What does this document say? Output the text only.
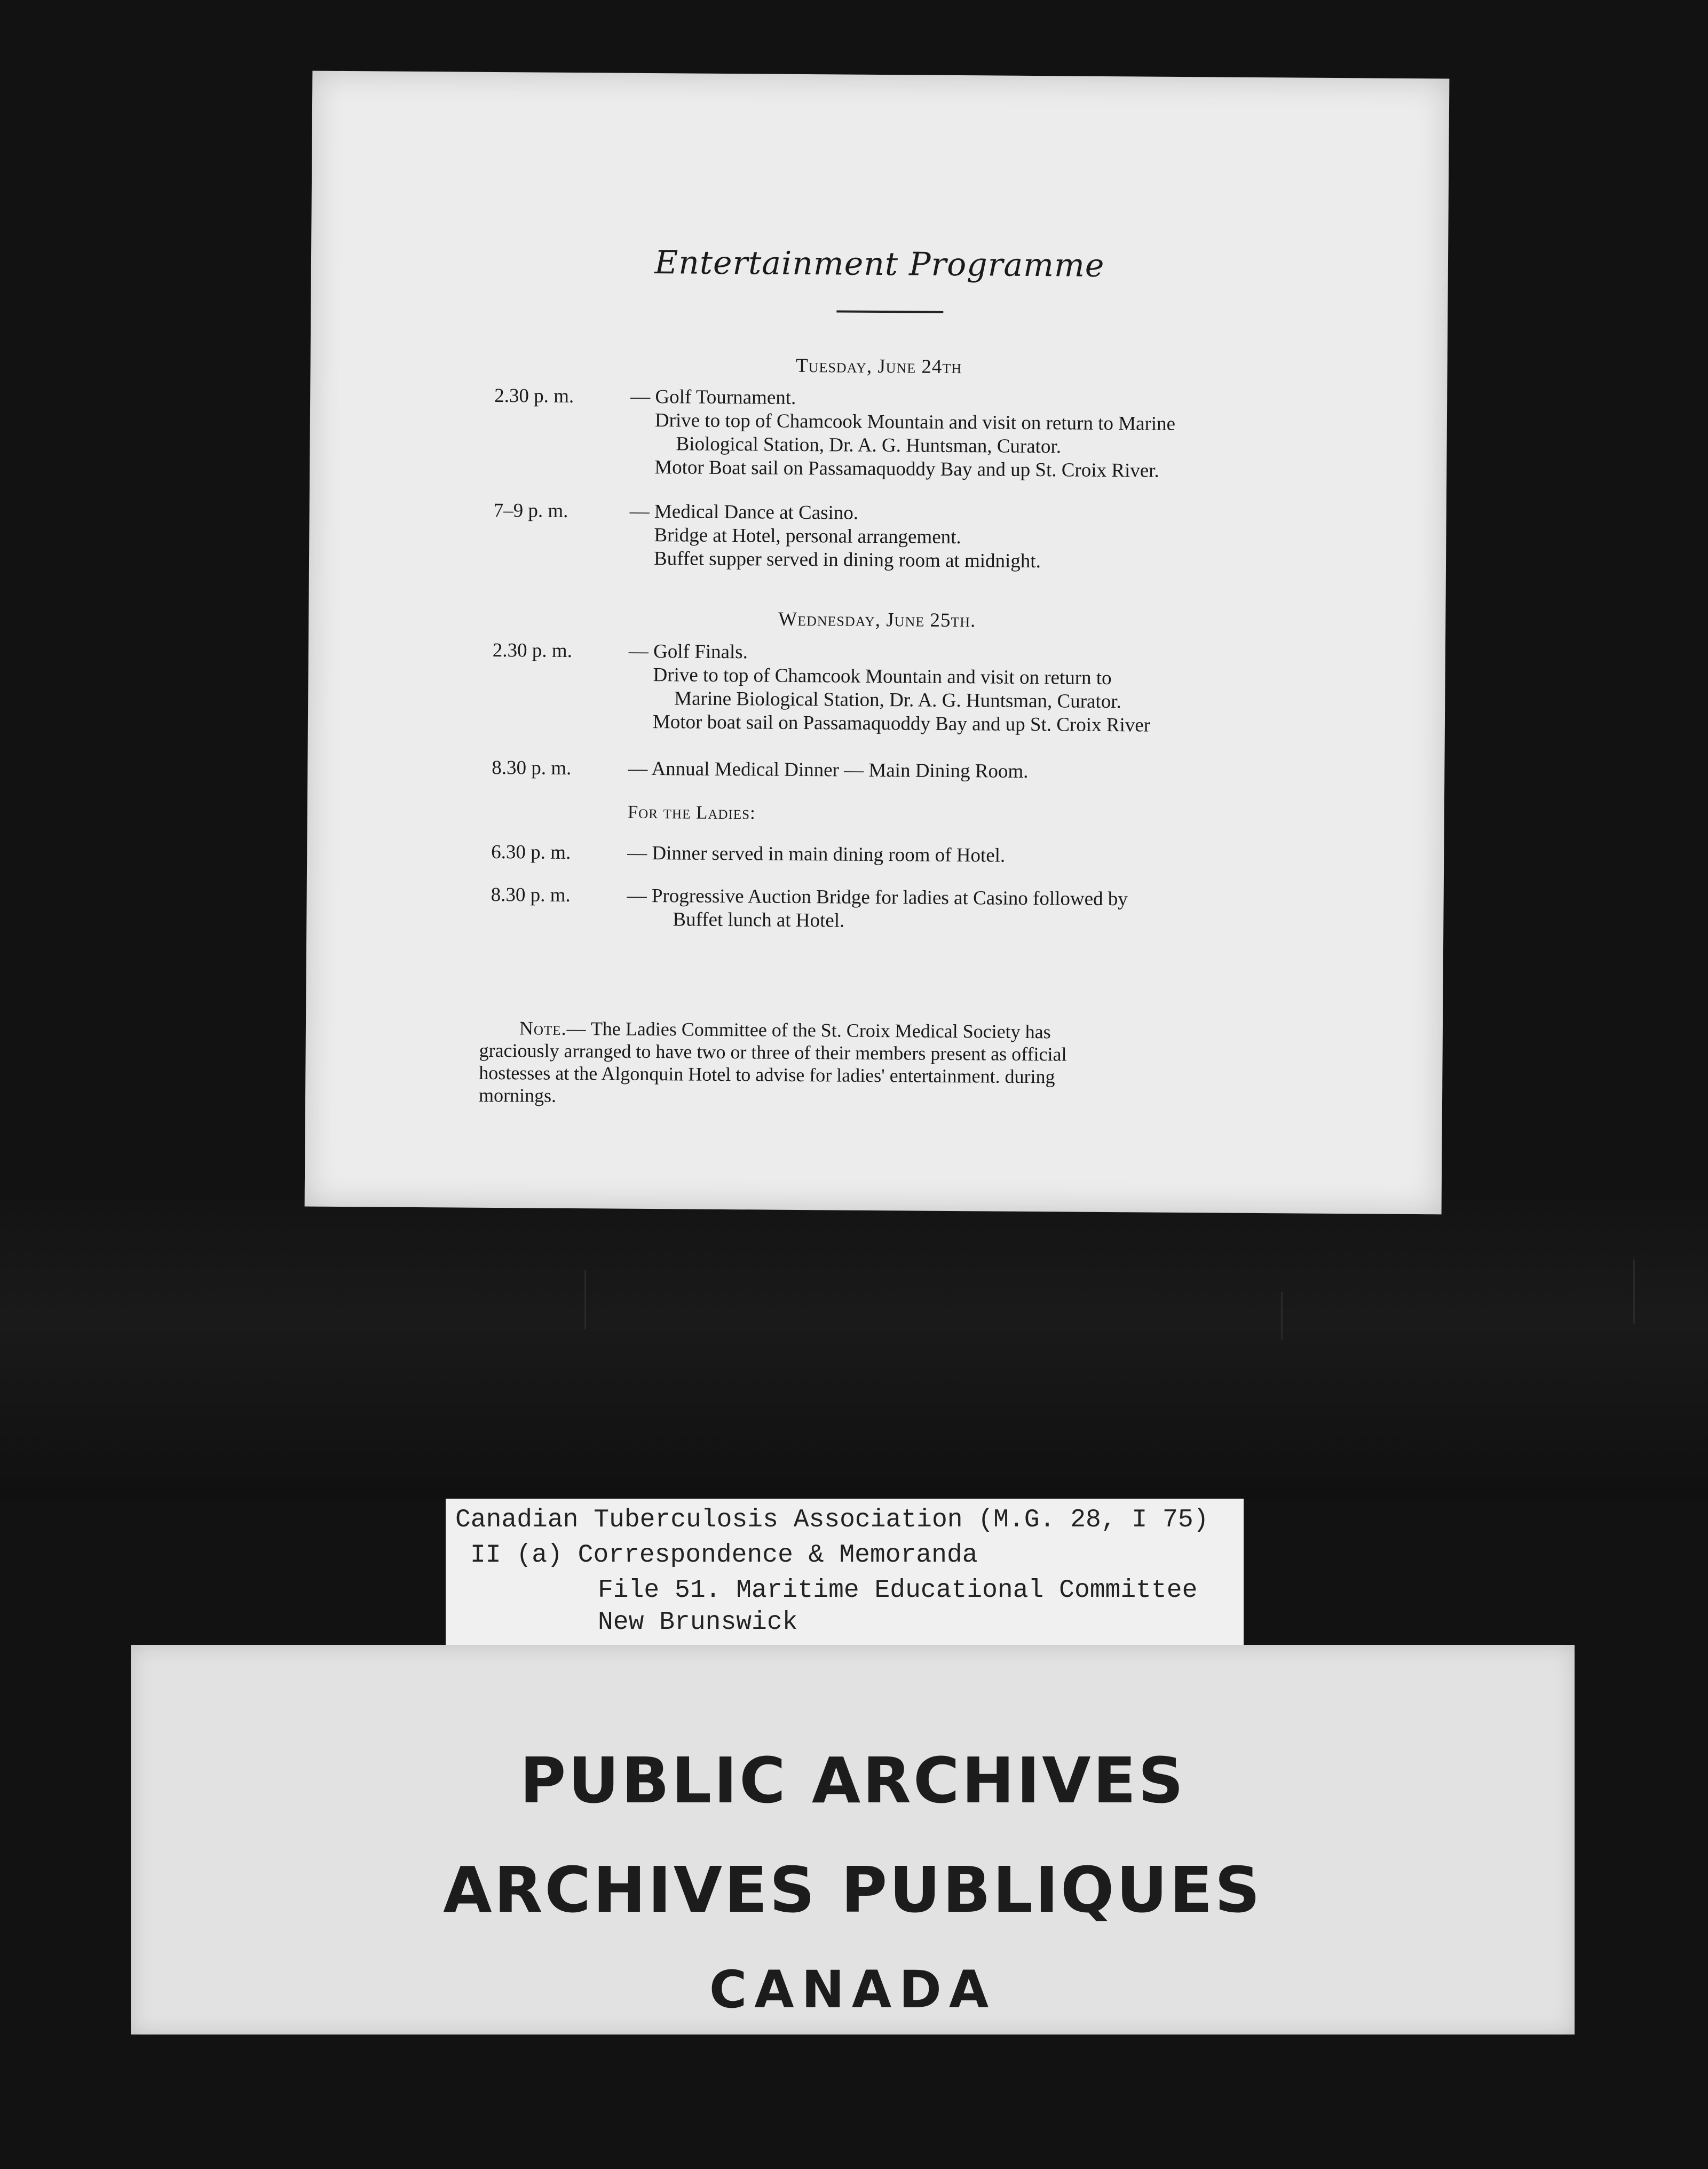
Entertainment Programme
Tuesday, June 24th
2.30 p. m.	— Golf Tournament.
Drive to top of Chamcook Mountain and visit on return to Marine
Biological Station, Dr. A. G. Huntsman, Curator.
Motor Boat sail on Passamaquoddy Bay and up St. Croix River.
7–9 p. m.	— Medical Dance at Casino.
Bridge at Hotel, personal arrangement.
Buffet supper served in dining room at midnight.
Wednesday, June 25th.
2.30 p. m.	— Golf Finals.
Drive to top of Chamcook Mountain and visit on return to
Marine Biological Station, Dr. A. G. Huntsman, Curator.
Motor boat sail on Passamaquoddy Bay and up St. Croix River
8.30 p. m.	— Annual Medical Dinner — Main Dining Room.
For the Ladies:
6.30 p. m.	— Dinner served in main dining room of Hotel.
8.30 p. m.	— Progressive Auction Bridge for ladies at Casino followed by
Buffet lunch at Hotel.
Note.— The Ladies Committee of the St. Croix Medical Society has
graciously arranged to have two or three of their members present as official
hostesses at the Algonquin Hotel to advise for ladies' entertainment. during
mornings.
Canadian Tuberculosis Association (M.G. 28, I 75)
II (a) Correspondence & Memoranda
File 51. Maritime Educational Committee
New Brunswick
PUBLIC ARCHIVES
ARCHIVES PUBLIQUES
CANADA
